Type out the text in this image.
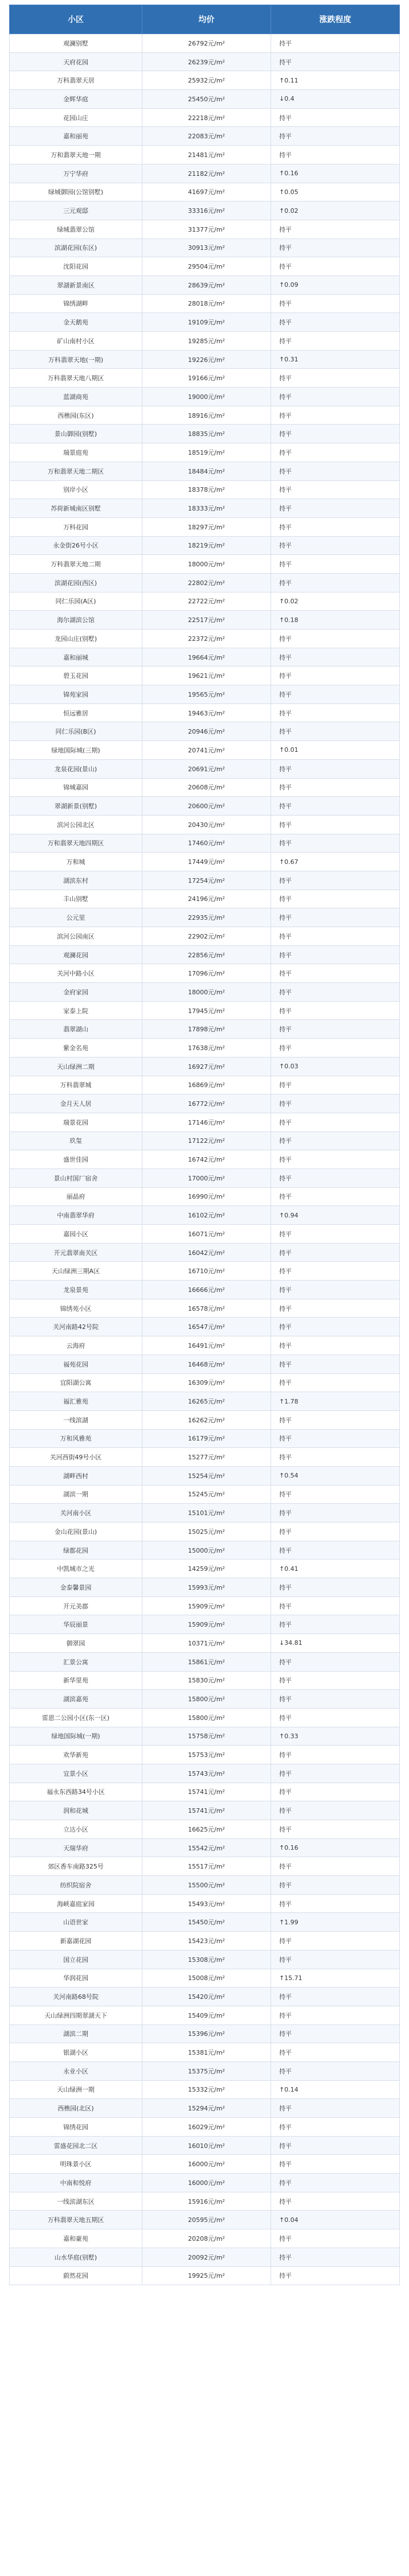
小区	均价	涨跌程度
观澜别墅	26792元/m²	持平
天府花园	26239元/m²	持平
万科翡翠天居	25932元/m²	↑0.11
金辉华庭	25450元/m²	↓0.4
花园山庄	22218元/m²	持平
嘉和丽苑	22083元/m²	持平
万和翡翠天地一期	21481元/m²	持平
万宁华府	21182元/m²	↑0.16
绿城御园(公馆别墅)	41697元/m²	↑0.05
三元观邸	33316元/m²	↑0.02
绿城翡翠公馆	31377元/m²	持平
滨湖花园(东区)	30913元/m²	持平
沈阳花园	29504元/m²	持平
翠湖新景南区	28639元/m²	↑0.09
锦绣湖畔	28018元/m²	持平
金天鹅苑	19109元/m²	持平
矿山南村小区	19285元/m²	持平
万科翡翠天地(一期)	19226元/m²	↑0.31
万科翡翠天地八期区	19166元/m²	持平
蓝湖商苑	19000元/m²	持平
西樵园(东区)	18916元/m²	持平
景山御园(别墅)	18835元/m²	持平
瑞景庭苑	18519元/m²	持平
万和翡翠天地二期区	18484元/m²	持平
别岸小区	18378元/m²	持平
苏荷新城南区别墅	18333元/m²	持平
万科花园	18297元/m²	持平
永金街26号小区	18219元/m²	持平
万科翡翠天地二期	18000元/m²	持平
滨湖花园(西区)	22802元/m²	持平
同仁乐园(A区)	22722元/m²	↑0.02
海尔湖滨公馆	22517元/m²	↑0.18
龙园山庄(别墅)	22372元/m²	持平
嘉和丽城	19664元/m²	持平
碧玉花园	19621元/m²	持平
锦苑家园	19565元/m²	持平
恒远雅居	19463元/m²	持平
同仁乐园(B区)	20946元/m²	持平
绿地国际城(三期)	20741元/m²	↑0.01
龙泉花园(景山)	20691元/m²	持平
锦城嘉园	20608元/m²	持平
翠湖新景(别墅)	20600元/m²	持平
滨河公园北区	20430元/m²	持平
万和翡翠天地四期区	17460元/m²	持平
万和城	17449元/m²	↑0.67
湖滨东村	17254元/m²	持平
丰山别墅	24196元/m²	持平
公元里	22935元/m²	持平
滨河公园南区	22902元/m²	持平
观澜花园	22856元/m²	持平
关河中路小区	17096元/m²	持平
金府家园	18000元/m²	持平
家泰上院	17945元/m²	持平
翡翠湖山	17898元/m²	持平
紫金名苑	17638元/m²	持平
天山绿洲二期	16927元/m²	↑0.03
万科翡翠城	16869元/m²	持平
金月天人居	16772元/m²	持平
瑞景花园	17146元/m²	持平
玖玺	17122元/m²	持平
盛世佳园	16742元/m²	持平
景山村国厂宿舍	17000元/m²	持平
丽晶府	16990元/m²	持平
中南翡翠华府	16102元/m²	↑0.94
嘉园小区	16071元/m²	持平
开元翡翠南关区	16042元/m²	持平
天山绿洲三期A区	16710元/m²	持平
龙泉景苑	16666元/m²	持平
锦绣苑小区	16578元/m²	持平
关河南路42号院	16547元/m²	持平
云海府	16491元/m²	持平
福苑花园	16468元/m²	持平
宜阳湖公寓	16309元/m²	持平
福汇雅苑	16265元/m²	↑1.78
一线滨湖	16262元/m²	持平
万和风雅苑	16179元/m²	持平
关河西街49号小区	15277元/m²	持平
湖畔西村	15254元/m²	↑0.54
湖滨一期	15245元/m²	持平
关河南小区	15101元/m²	持平
金山花园(景山)	15025元/m²	持平
绿都花园	15000元/m²	持平
中凯城市之光	14259元/m²	↑0.41
金泰馨景园	15993元/m²	持平
开元美郡	15909元/m²	持平
华辰丽景	15909元/m²	持平
御翠园	10371元/m²	↓34.81
汇景公寓	15861元/m²	持平
新华里苑	15830元/m²	持平
湖滨嘉苑	15800元/m²	持平
雷恩二公园小区(东一区)	15800元/m²	持平
绿地国际城(一期)	15758元/m²	↑0.33
欢华新苑	15753元/m²	持平
宜景小区	15743元/m²	持平
福永东西路34号小区	15741元/m²	持平
润和花城	15741元/m²	持平
立达小区	16625元/m²	持平
天瑞华府	15542元/m²	↑0.16
郊区香车南路325号	15517元/m²	持平
纺织院宿舍	15500元/m²	持平
海峡嘉庭家园	15493元/m²	持平
山语世家	15450元/m²	↑1.99
新嘉湖花园	15423元/m²	持平
国立花园	15308元/m²	持平
华润花园	15008元/m²	↑15.71
关河南路68号院	15420元/m²	持平
天山绿洲四期翠湖天下	15409元/m²	持平
湖滨二期	15396元/m²	持平
银湖小区	15381元/m²	持平
永业小区	15375元/m²	持平
天山绿洲一期	15332元/m²	↑0.14
西樵园(北区)	15294元/m²	持平
锦绣花园	16029元/m²	持平
雷盛花园北二区	16010元/m²	持平
明珠景小区	16000元/m²	持平
中南和悦府	16000元/m²	持平
一线滨湖东区	15916元/m²	持平
万科翡翠天地五期区	20595元/m²	↑0.04
嘉和豪苑	20208元/m²	持平
山水华庭(别墅)	20092元/m²	持平
蔚然花园	19925元/m²	持平
